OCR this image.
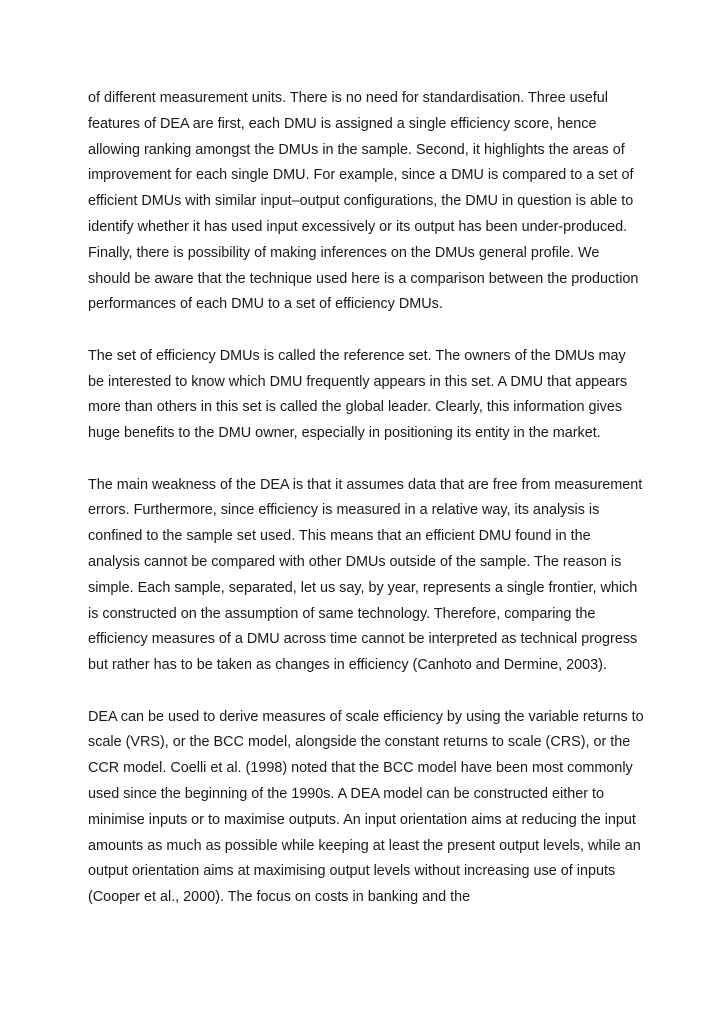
of different measurement units. There is no need for standardisation. Three useful features of DEA are first, each DMU is assigned a single efficiency score, hence allowing ranking amongst the DMUs in the sample. Second, it highlights the areas of improvement for each single DMU. For example, since a DMU is compared to a set of efficient DMUs with similar input–output configurations, the DMU in question is able to identify whether it has used input excessively or its output has been under-produced. Finally, there is possibility of making inferences on the DMUs general profile. We should be aware that the technique used here is a comparison between the production performances of each DMU to a set of efficiency DMUs.

The set of efficiency DMUs is called the reference set. The owners of the DMUs may be interested to know which DMU frequently appears in this set. A DMU that appears more than others in this set is called the global leader. Clearly, this information gives huge benefits to the DMU owner, especially in positioning its entity in the market.

The main weakness of the DEA is that it assumes data that are free from measurement errors. Furthermore, since efficiency is measured in a relative way, its analysis is confined to the sample set used. This means that an efficient DMU found in the analysis cannot be compared with other DMUs outside of the sample. The reason is simple. Each sample, separated, let us say, by year, represents a single frontier, which is constructed on the assumption of same technology. Therefore, comparing the efficiency measures of a DMU across time cannot be interpreted as technical progress but rather has to be taken as changes in efficiency (Canhoto and Dermine, 2003).

DEA can be used to derive measures of scale efficiency by using the variable returns to scale (VRS), or the BCC model, alongside the constant returns to scale (CRS), or the CCR model. Coelli et al. (1998) noted that the BCC model have been most commonly used since the beginning of the 1990s. A DEA model can be constructed either to minimise inputs or to maximise outputs. An input orientation aims at reducing the input amounts as much as possible while keeping at least the present output levels, while an output orientation aims at maximising output levels without increasing use of inputs (Cooper et al., 2000). The focus on costs in banking and the
